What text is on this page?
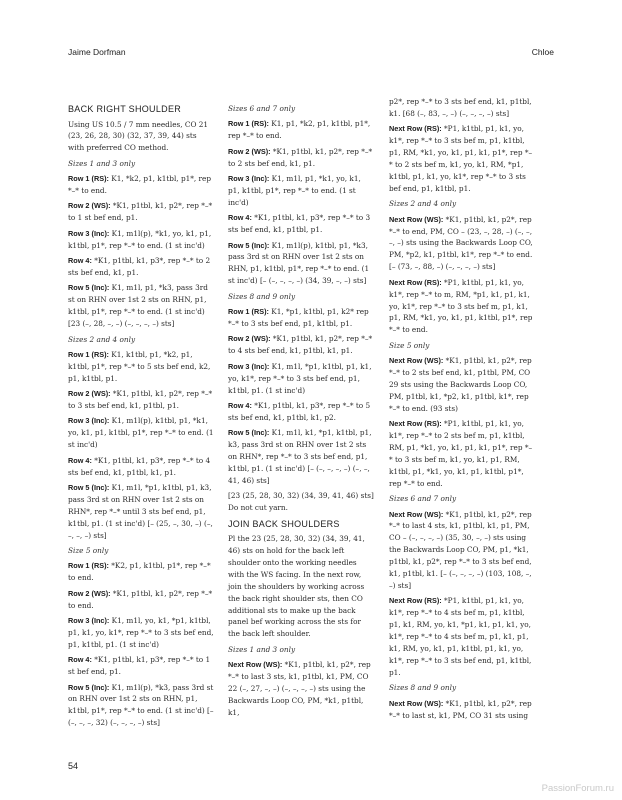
Jaime Dorfman	Chloe

BACK RIGHT SHOULDER

Using US 10.5 / 7 mm needles, CO 21 (23, 26, 28, 30) (32, 37, 39, 44) sts with preferred CO method.

Sizes 1 and 3 only

Row 1 (RS): K1, *k2, p1, k1tbl, p1*, rep *–* to end.

Row 2 (WS): *K1, p1tbl, k1, p2*, rep *–* to 1 st bef end, p1.

Row 3 (Inc): K1, m1l(p), *k1, yo, k1, p1, k1tbl, p1*, rep *–* to end. (1 st inc'd)

Row 4: *K1, p1tbl, k1, p3*, rep *–* to 2 sts bef end, k1, p1.

Row 5 (Inc): K1, m1l, p1, *k3, pass 3rd st on RHN over 1st 2 sts on RHN, p1, k1tbl, p1*, rep *–* to end. (1 st inc'd) [23 (–, 28, –, –) (–, –, –, –) sts]

Sizes 2 and 4 only

Row 1 (RS): K1, k1tbl, p1, *k2, p1, k1tbl, p1*, rep *–* to 5 sts bef end, k2, p1, k1tbl, p1.

Row 2 (WS): *K1, p1tbl, k1, p2*, rep *–* to 3 sts bef end, k1, p1tbl, p1.

Row 3 (Inc): K1, m1l(p), k1tbl, p1, *k1, yo, k1, p1, k1tbl, p1*, rep *–* to end. (1 st inc'd)

Row 4: *K1, p1tbl, k1, p3*, rep *–* to 4 sts bef end, k1, p1tbl, k1, p1.

Row 5 (Inc): K1, m1l, *p1, k1tbl, p1, k3, pass 3rd st on RHN over 1st 2 sts on RHN*, rep *–* until 3 sts bef end, p1, k1tbl, p1. (1 st inc'd) [– (25, –, 30, –) (–, –, –, –) sts]

Size 5 only

Row 1 (RS): *K2, p1, k1tbl, p1*, rep *–* to end.

Row 2 (WS): *K1, p1tbl, k1, p2*, rep *–* to end.

Row 3 (Inc): K1, m1l, yo, k1, *p1, k1tbl, p1, k1, yo, k1*, rep *–* to 3 sts bef end, p1, k1tbl, p1. (1 st inc'd)

Row 4: *K1, p1tbl, k1, p3*, rep *–* to 1 st bef end, p1.

Row 5 (Inc): K1, m1l(p), *k3, pass 3rd st on RHN over 1st 2 sts on RHN, p1, k1tbl, p1*, rep *–* to end. (1 st inc'd) [– (–, –, –, 32) (–, –, –, –) sts]

Sizes 6 and 7 only

Row 1 (RS): K1, p1, *k2, p1, k1tbl, p1*, rep *–* to end.

Row 2 (WS): *K1, p1tbl, k1, p2*, rep *–* to 2 sts bef end, k1, p1.

Row 3 (Inc): K1, m1l, p1, *k1, yo, k1, p1, k1tbl, p1*, rep *–* to end. (1 st inc'd)

Row 4: *K1, p1tbl, k1, p3*, rep *–* to 3 sts bef end, k1, p1tbl, p1.

Row 5 (Inc): K1, m1l(p), k1tbl, p1, *k3, pass 3rd st on RHN over 1st 2 sts on RHN, p1, k1tbl, p1*, rep *–* to end. (1 st inc'd) [– (–, –, –, –) (34, 39, –, –) sts]

Sizes 8 and 9 only

Row 1 (RS): K1, *p1, k1tbl, p1, k2* rep *–* to 3 sts bef end, p1, k1tbl, p1.

Row 2 (WS): *K1, p1tbl, k1, p2*, rep *–* to 4 sts bef end, k1, p1tbl, k1, p1.

Row 3 (Inc): K1, m1l, *p1, k1tbl, p1, k1, yo, k1*, rep *–* to 3 sts bef end, p1, k1tbl, p1. (1 st inc'd)

Row 4: *K1, p1tbl, k1, p3*, rep *–* to 5 sts bef end, k1, p1tbl, k1, p2.

Row 5 (Inc): K1, m1l, k1, *p1, k1tbl, p1, k3, pass 3rd st on RHN over 1st 2 sts on RHN*, rep *–* to 3 sts bef end, p1, k1tbl, p1. (1 st inc'd) [– (–, –, –, –) (–, –, 41, 46) sts]

[23 (25, 28, 30, 32) (34, 39, 41, 46) sts] Do not cut yarn.

JOIN BACK SHOULDERS

Pl the 23 (25, 28, 30, 32) (34, 39, 41, 46) sts on hold for the back left shoulder onto the working needles with the WS facing. In the next row, join the shoulders by working across the back right shoulder sts, then CO additional sts to make up the back panel bef working across the sts for the back left shoulder.

Sizes 1 and 3 only

Next Row (WS): *K1, p1tbl, k1, p2*, rep *–* to last 3 sts, k1, p1tbl, k1, PM, CO 22 (–, 27, –, –) (–, –, –, –) sts using the Backwards Loop CO, PM, *k1, p1tbl, k1,

p2*, rep *–* to 3 sts bef end, k1, p1tbl, k1. [68 (–, 83, –, –) (–, –, –, –) sts]

Next Row (RS): *P1, k1tbl, p1, k1, yo, k1*, rep *–* to 3 sts bef m, p1, k1tbl, p1, RM, *k1, yo, k1, p1, k1, p1*, rep *–* to 2 sts bef m, k1, yo, k1, RM, *p1, k1tbl, p1, k1, yo, k1*, rep *–* to 3 sts bef end, p1, k1tbl, p1.

Sizes 2 and 4 only

Next Row (WS): *K1, p1tbl, k1, p2*, rep *–* to end, PM, CO – (23, –, 28, –) (–, –, –, –) sts using the Backwards Loop CO, PM, *p2, k1, p1tbl, k1*, rep *–* to end. [– (73, –, 88, –) (–, –, –, –) sts]

Next Row (RS): *P1, k1tbl, p1, k1, yo, k1*, rep *–* to m, RM, *p1, k1, p1, k1, yo, k1*, rep *–* to 3 sts bef m, p1, k1, p1, RM, *k1, yo, k1, p1, k1tbl, p1*, rep *–* to end.

Size 5 only

Next Row (WS): *K1, p1tbl, k1, p2*, rep *–* to 2 sts bef end, k1, p1tbl, PM, CO 29 sts using the Backwards Loop CO, PM, p1tbl, k1, *p2, k1, p1tbl, k1*, rep *–* to end. (93 sts)

Next Row (RS): *P1, k1tbl, p1, k1, yo, k1*, rep *–* to 2 sts bef m, p1, k1tbl, RM, p1, *k1, yo, k1, p1, k1, p1*, rep *–* to 3 sts bef m, k1, yo, k1, p1, RM, k1tbl, p1, *k1, yo, k1, p1, k1tbl, p1*, rep *–* to end.

Sizes 6 and 7 only

Next Row (WS): *K1, p1tbl, k1, p2*, rep *–* to last 4 sts, k1, p1tbl, k1, p1, PM, CO – (–, –, –, –) (35, 30, –, –) sts using the Backwards Loop CO, PM, p1, *k1, p1tbl, k1, p2*, rep *–* to 3 sts bef end, k1, p1tbl, k1. [– (–, –, –, –) (103, 108, –, –) sts]

Next Row (RS): *P1, k1tbl, p1, k1, yo, k1*, rep *–* to 4 sts bef m, p1, k1tbl, p1, k1, RM, yo, k1, *p1, k1, p1, k1, yo, k1*, rep *–* to 4 sts bef m, p1, k1, p1, k1, RM, yo, k1, p1, k1tbl, p1, k1, yo, k1*, rep *–* to 3 sts bef end, p1, k1tbl, p1.

Sizes 8 and 9 only

Next Row (WS): *K1, p1tbl, k1, p2*, rep *–* to last st, k1, PM, CO 31 sts using

54
PassionForum.ru
